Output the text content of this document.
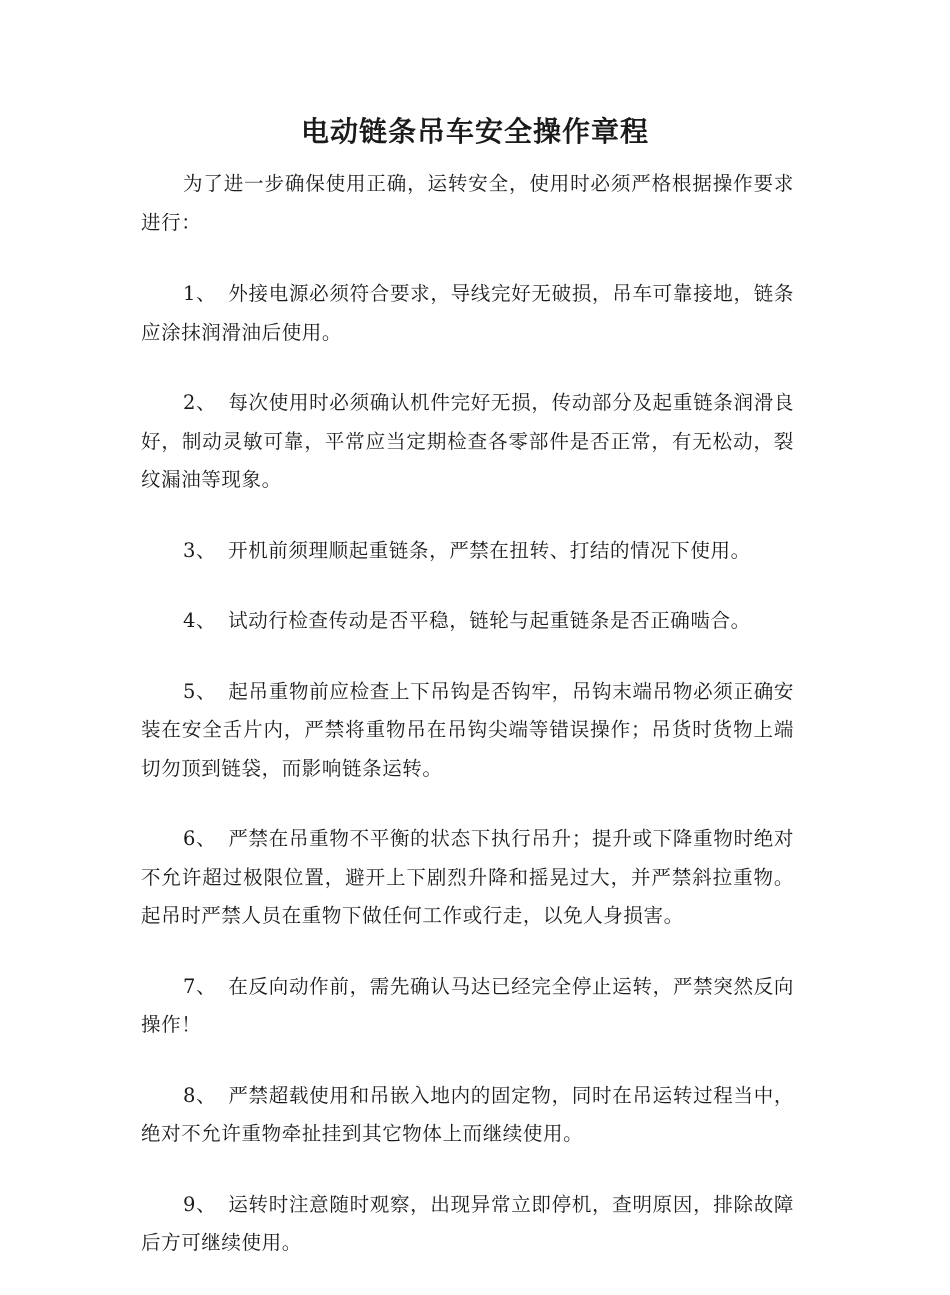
电动链条吊车安全操作章程

为了进一步确保使用正确，运转安全，使用时必须严格根据操作要求进行：

1、 外接电源必须符合要求，导线完好无破损，吊车可靠接地，链条应涂抹润滑油后使用。

2、 每次使用时必须确认机件完好无损，传动部分及起重链条润滑良好，制动灵敏可靠，平常应当定期检查各零部件是否正常，有无松动，裂纹漏油等现象。

3、 开机前须理顺起重链条，严禁在扭转、打结的情况下使用。

4、 试动行检查传动是否平稳，链轮与起重链条是否正确啮合。

5、 起吊重物前应检查上下吊钩是否钩牢，吊钩末端吊物必须正确安装在安全舌片内，严禁将重物吊在吊钩尖端等错误操作；吊货时货物上端切勿顶到链袋，而影响链条运转。

6、 严禁在吊重物不平衡的状态下执行吊升；提升或下降重物时绝对不允许超过极限位置，避开上下剧烈升降和摇晃过大，并严禁斜拉重物。起吊时严禁人员在重物下做任何工作或行走，以免人身损害。

7、 在反向动作前，需先确认马达已经完全停止运转，严禁突然反向操作！

8、 严禁超载使用和吊嵌入地内的固定物，同时在吊运转过程当中，绝对不允许重物牵扯挂到其它物体上而继续使用。

9、 运转时注意随时观察，出现异常立即停机，查明原因，排除故障后方可继续使用。
